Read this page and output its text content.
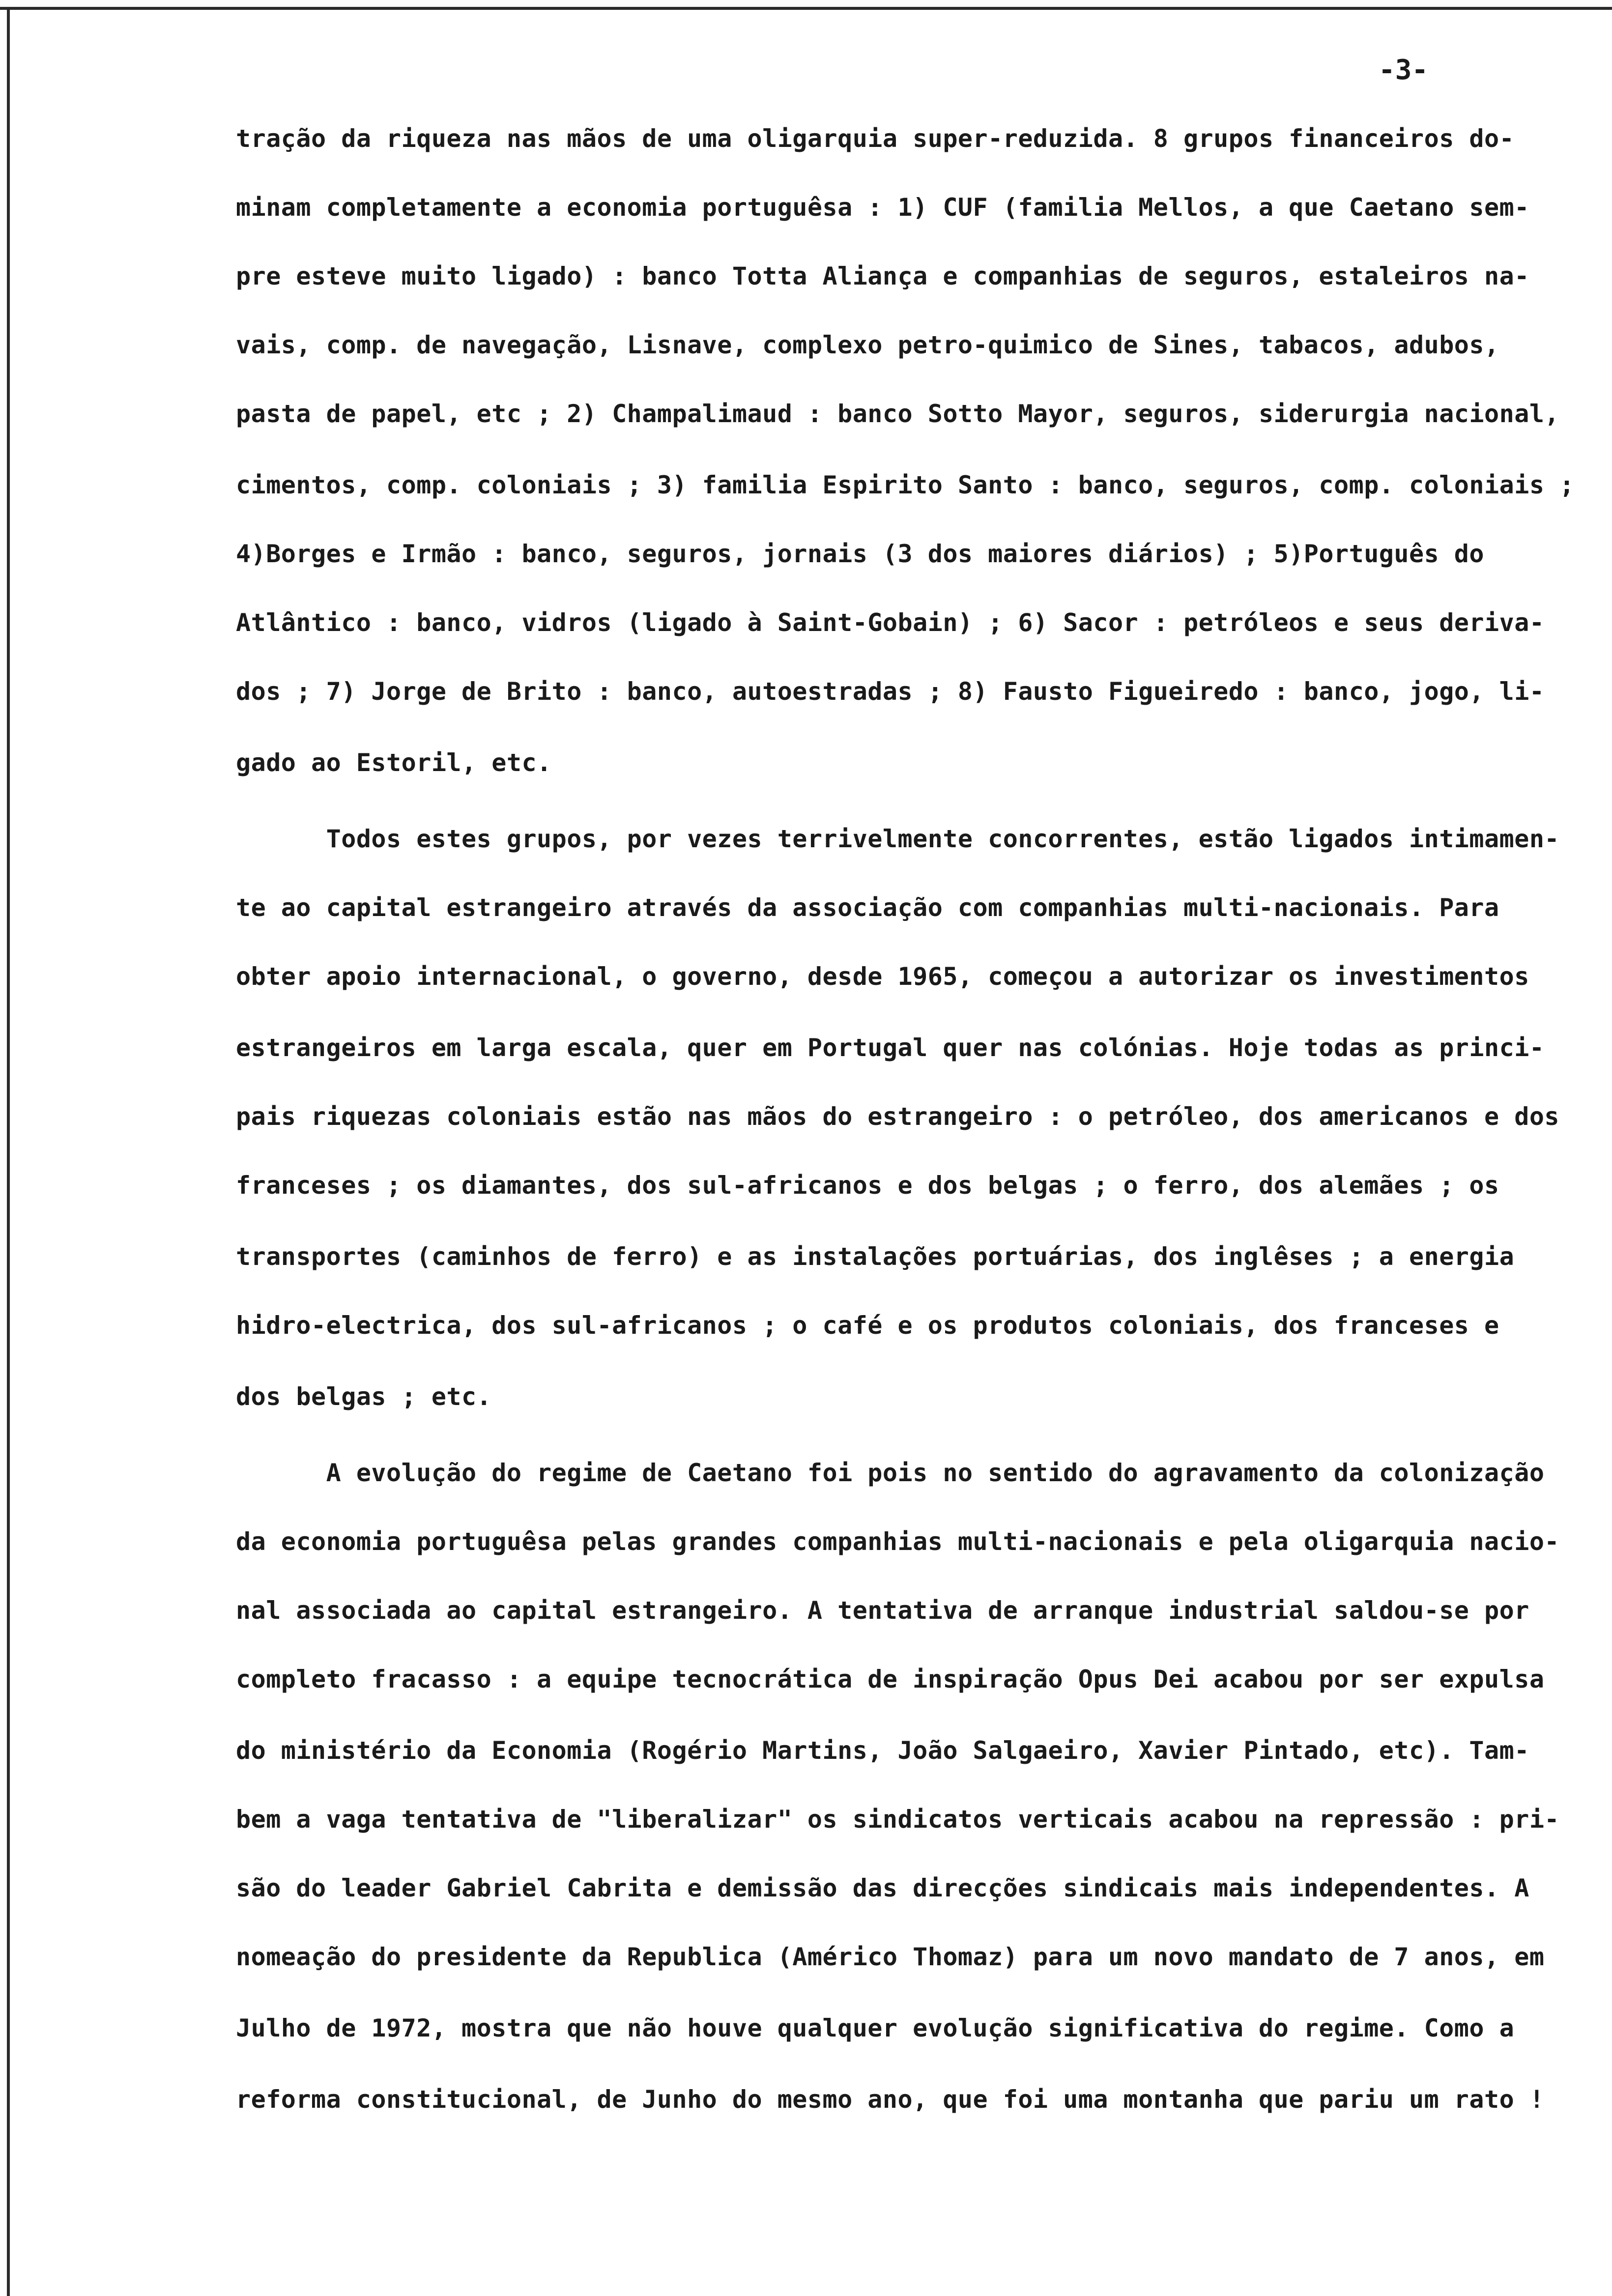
-3-
tração da riqueza nas mãos de uma oligarquia super-reduzida. 8 grupos financeiros do-
minam completamente a economia portuguêsa : 1) CUF (familia Mellos, a que Caetano sem-
pre esteve muito ligado) : banco Totta Aliança e companhias de seguros, estaleiros na-
vais, comp. de navegação, Lisnave, complexo petro-quimico de Sines, tabacos, adubos,
pasta de papel, etc ; 2) Champalimaud : banco Sotto Mayor, seguros, siderurgia nacional,
cimentos, comp. coloniais ; 3) familia Espirito Santo : banco, seguros, comp. coloniais ;
4)Borges e Irmão : banco, seguros, jornais (3 dos maiores diários) ; 5)Português do
Atlântico : banco, vidros (ligado à Saint-Gobain) ; 6) Sacor : petróleos e seus deriva-
dos ; 7) Jorge de Brito : banco, autoestradas ; 8) Fausto Figueiredo : banco, jogo, li-
gado ao Estoril, etc.
Todos estes grupos, por vezes terrivelmente concorrentes, estão ligados intimamen-
te ao capital estrangeiro através da associação com companhias multi-nacionais. Para
obter apoio internacional, o governo, desde 1965, começou a autorizar os investimentos
estrangeiros em larga escala, quer em Portugal quer nas colónias. Hoje todas as princi-
pais riquezas coloniais estão nas mãos do estrangeiro : o petróleo, dos americanos e dos
franceses ; os diamantes, dos sul-africanos e dos belgas ; o ferro, dos alemães ; os
transportes (caminhos de ferro) e as instalações portuárias, dos inglêses ; a energia
hidro-electrica, dos sul-africanos ; o café e os produtos coloniais, dos franceses e
dos belgas ; etc.
A evolução do regime de Caetano foi pois no sentido do agravamento da colonização
da economia portuguêsa pelas grandes companhias multi-nacionais e pela oligarquia nacio-
nal associada ao capital estrangeiro. A tentativa de arranque industrial saldou-se por
completo fracasso : a equipe tecnocrática de inspiração Opus Dei acabou por ser expulsa
do ministério da Economia (Rogério Martins, João Salgaeiro, Xavier Pintado, etc). Tam-
bem a vaga tentativa de "liberalizar" os sindicatos verticais acabou na repressão : pri-
são do leader Gabriel Cabrita e demissão das direcções sindicais mais independentes. A
nomeação do presidente da Republica (Américo Thomaz) para um novo mandato de 7 anos, em
Julho de 1972, mostra que não houve qualquer evolução significativa do regime. Como a
reforma constitucional, de Junho do mesmo ano, que foi uma montanha que pariu um rato !
